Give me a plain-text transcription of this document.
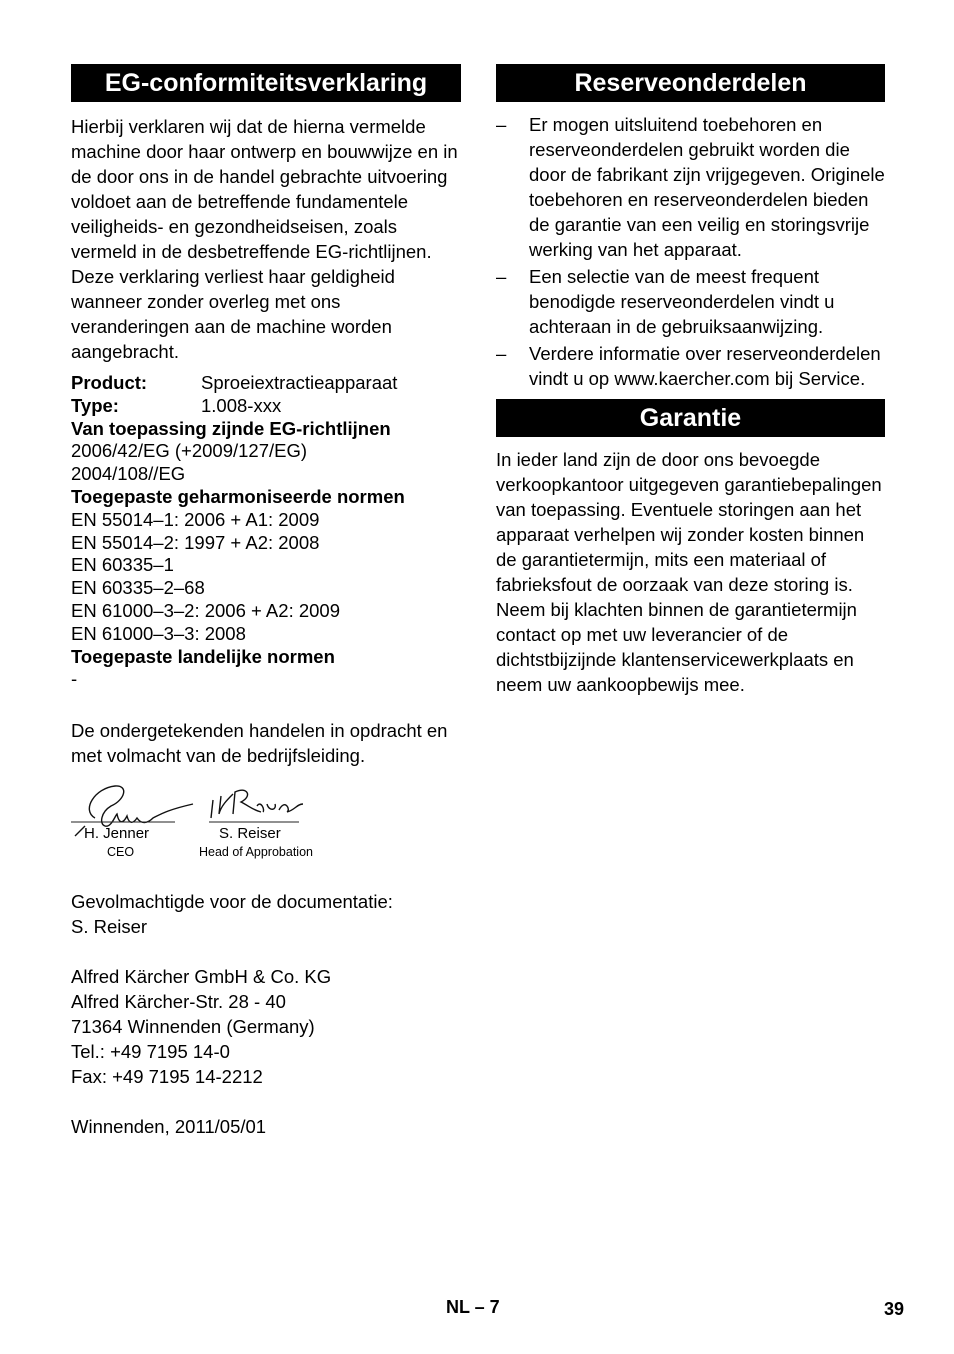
EG-conformiteitsverklaring

Hierbij verklaren wij dat de hierna vermelde machine door haar ontwerp en bouwwijze en in de door ons in de handel gebrachte uitvoering voldoet aan de betreffende fundamentele veiligheids- en gezondheidseisen, zoals vermeld in de desbetreffende EG-richtlijnen. Deze verklaring verliest haar geldigheid wanneer zonder overleg met ons veranderingen aan de machine worden aangebracht.

Product:	Sproeiextractieapparaat
Type:	1.008-xxx
Van toepassing zijnde EG-richtlijnen
2006/42/EG (+2009/127/EG)
2004/108//EG
Toegepaste geharmoniseerde normen
EN 55014–1: 2006 + A1: 2009
EN 55014–2: 1997 + A2: 2008
EN 60335–1
EN 60335–2–68
EN 61000–3–2: 2006 + A2: 2009
EN 61000–3–3: 2008
Toegepaste landelijke normen
-

De ondergetekenden handelen in opdracht en met volmacht van de bedrijfsleiding.

H. Jenner
CEO
S. Reiser
Head of Approbation

Gevolmachtigde voor de documentatie:

S. Reiser

Alfred Kärcher GmbH & Co. KG

Alfred Kärcher-Str. 28 - 40

71364 Winnenden (Germany)

Tel.: +49 7195 14-0

Fax: +49 7195 14-2212

Winnenden, 2011/05/01

Reserveonderdelen
– Er mogen uitsluitend toebehoren en reserveonderdelen gebruikt worden die door de fabrikant zijn vrijgegeven. Originele toebehoren en reserveonderdelen bieden de garantie van een veilig en storingsvrije werking van het apparaat.
– Een selectie van de meest frequent benodigde reserveonderdelen vindt u achteraan in de gebruiksaanwijzing.
– Verdere informatie over reserveonderdelen vindt u op www.kaercher.com bij Service.
Garantie

In ieder land zijn de door ons bevoegde verkoopkantoor uitgegeven garantiebepalingen van toepassing. Eventuele storingen aan het apparaat verhelpen wij zonder kosten binnen de garantietermijn, mits een materiaal of fabrieksfout de oorzaak van deze storing is. Neem bij klachten binnen de garantietermijn contact op met uw leverancier of de dichtstbijzijnde klantenservicewerkplaats en neem uw aankoopbewijs mee.

NL – 7	39
